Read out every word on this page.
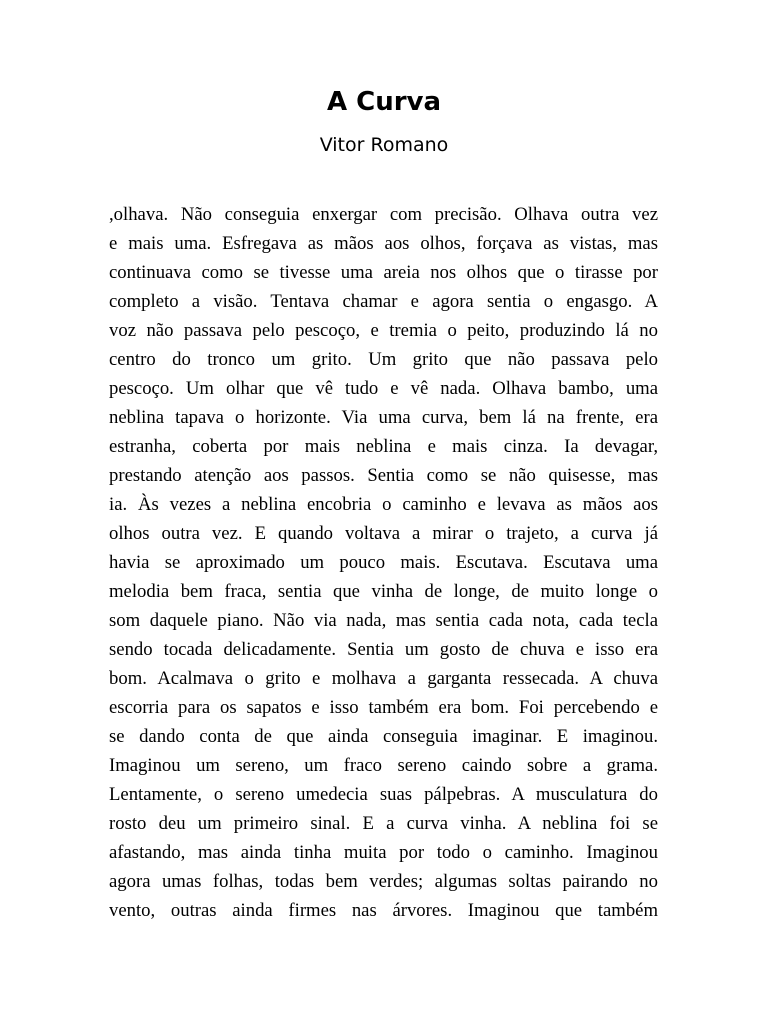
A Curva
Vitor Romano
,olhava. Não conseguia enxergar com precisão. Olhava outra vez
e mais uma. Esfregava as mãos aos olhos, forçava as vistas, mas
continuava como se tivesse uma areia nos olhos que o tirasse por
completo a visão. Tentava chamar e agora sentia o engasgo. A
voz não passava pelo pescoço, e tremia o peito, produzindo lá no
centro do tronco um grito. Um grito que não passava pelo
pescoço. Um olhar que vê tudo e vê nada. Olhava bambo, uma
neblina tapava o horizonte. Via uma curva, bem lá na frente, era
estranha, coberta por mais neblina e mais cinza. Ia devagar,
prestando atenção aos passos. Sentia como se não quisesse, mas
ia. Às vezes a neblina encobria o caminho e levava as mãos aos
olhos outra vez. E quando voltava a mirar o trajeto, a curva já
havia se aproximado um pouco mais. Escutava. Escutava uma
melodia bem fraca, sentia que vinha de longe, de muito longe o
som daquele piano. Não via nada, mas sentia cada nota, cada tecla
sendo tocada delicadamente. Sentia um gosto de chuva e isso era
bom. Acalmava o grito e molhava a garganta ressecada. A chuva
escorria para os sapatos e isso também era bom. Foi percebendo e
se dando conta de que ainda conseguia imaginar. E imaginou.
Imaginou um sereno, um fraco sereno caindo sobre a grama.
Lentamente, o sereno umedecia suas pálpebras. A musculatura do
rosto deu um primeiro sinal. E a curva vinha. A neblina foi se
afastando, mas ainda tinha muita por todo o caminho. Imaginou
agora umas folhas, todas bem verdes; algumas soltas pairando no
vento, outras ainda firmes nas árvores. Imaginou que também
